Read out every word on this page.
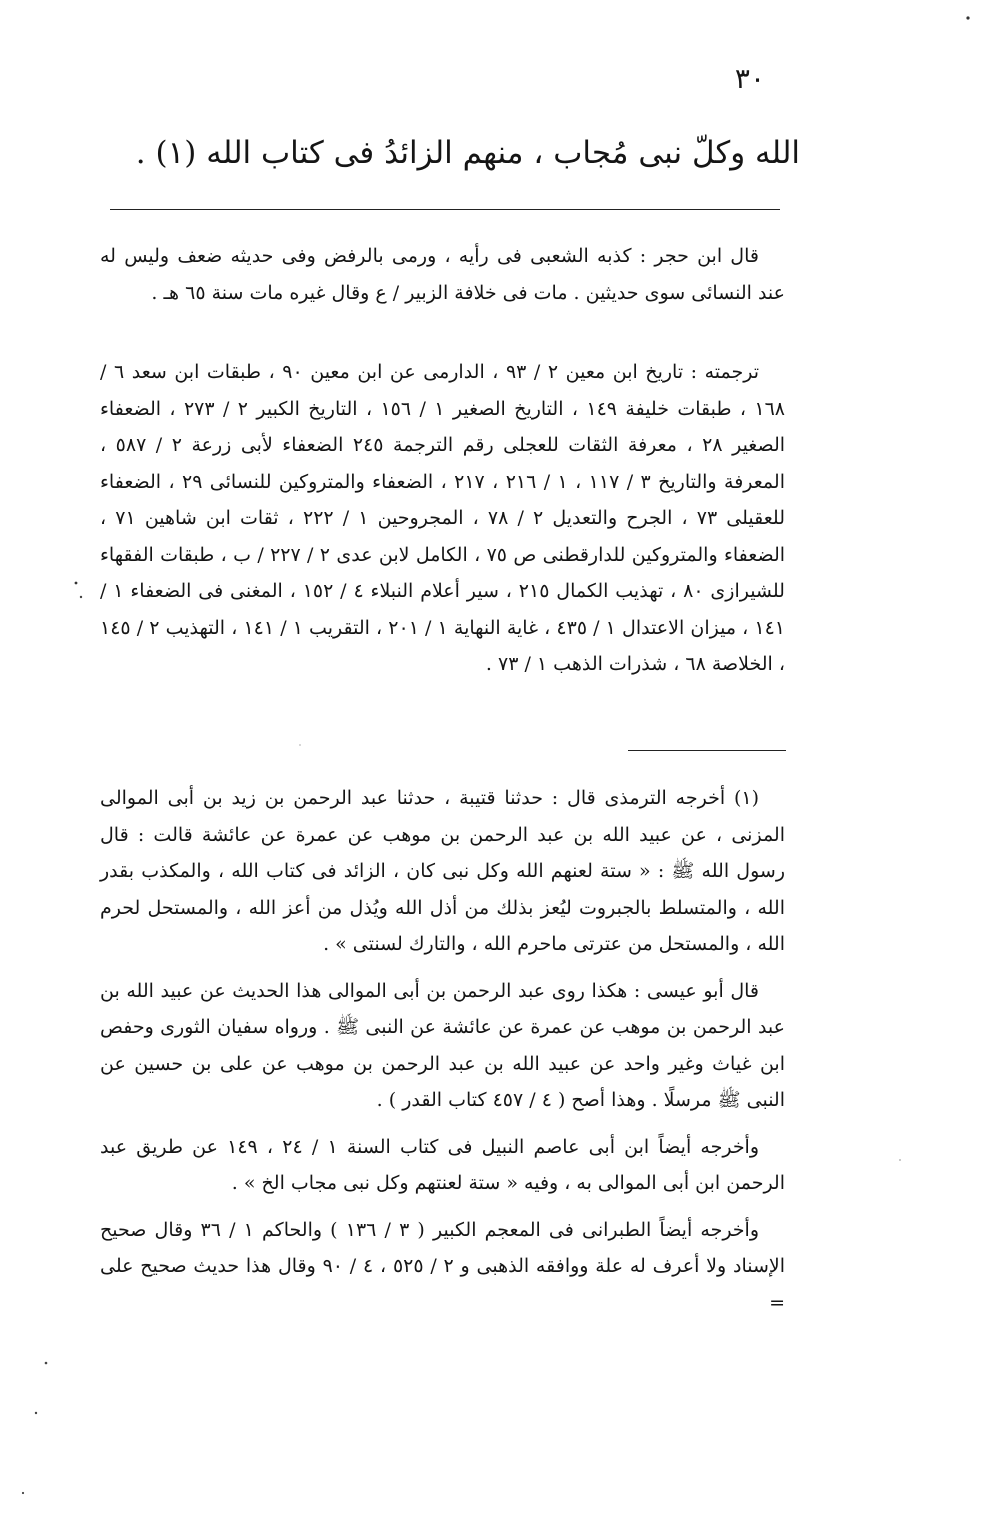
٣٠
الله وكلّ نبى مُجاب ، منهم الزائدُ فى كتاب الله (١) .

قال ابن حجر : كذبه الشعبى فى رأيه ، ورمى بالرفض وفى حديثه ضعف وليس له عند النسائى سوى حديثين . مات فى خلافة الزبير / ع وقال غيره مات سنة ٦٥ هـ .

ترجمته : تاريخ ابن معين ٢ / ٩٣ ، الدارمى عن ابن معين ٩٠ ، طبقات ابن سعد ٦ / ١٦٨ ، طبقات خليفة ١٤٩ ، التاريخ الصغير ١ / ١٥٦ ، التاريخ الكبير ٢ / ٢٧٣ ، الضعفاء الصغير ٢٨ ، معرفة الثقات للعجلى رقم الترجمة ٢٤٥ الضعفاء لأبى زرعة ٢ / ٥٨٧ ، المعرفة والتاريخ ٣ / ١١٧ ، ١ / ٢١٦ ، ٢١٧ ، الضعفاء والمتروكين للنسائى ٢٩ ، الضعفاء للعقيلى ٧٣ ، الجرح والتعديل ٢ / ٧٨ ، المجروحين ١ / ٢٢٢ ، ثقات ابن شاهين ٧١ ، الضعفاء والمتروكين للدارقطنى ص ٧٥ ، الكامل لابن عدى ٢ / ٢٢٧ / ب ، طبقات الفقهاء للشيرازى ٨٠ ، تهذيب الكمال ٢١٥ ، سير أعلام النبلاء ٤ / ١٥٢ ، المغنى فى الضعفاء ١ / ١٤١ ، ميزان الاعتدال ١ / ٤٣٥ ، غاية النهاية ١ / ٢٠١ ، التقريب ١ / ١٤١ ، التهذيب ٢ / ١٤٥ ، الخلاصة ٦٨ ، شذرات الذهب ١ / ٧٣ .

(١) أخرجه الترمذى قال : حدثنا قتيبة ، حدثنا عبد الرحمن بن زيد بن أبى الموالى المزنى ، عن عبيد الله بن عبد الرحمن بن موهب عن عمرة عن عائشة قالت : قال رسول الله ﷺ : « ستة لعنهم الله وكل نبى كان ، الزائد فى كتاب الله ، والمكذب بقدر الله ، والمتسلط بالجبروت ليُعز بذلك من أذل الله ويُذل من أعز الله ، والمستحل لحرم الله ، والمستحل من عترتى ماحرم الله ، والتارك لسنتى » .

قال أبو عيسى : هكذا روى عبد الرحمن بن أبى الموالى هذا الحديث عن عبيد الله بن عبد الرحمن بن موهب عن عمرة عن عائشة عن النبى ﷺ . ورواه سفيان الثورى وحفص ابن غياث وغير واحد عن عبيد الله بن عبد الرحمن بن موهب عن على بن حسين عن النبى ﷺ مرسلًا . وهذا أصح ( ٤ / ٤٥٧ كتاب القدر ) .

وأخرجه أيضاً ابن أبى عاصم النبيل فى كتاب السنة ١ / ٢٤ ، ١٤٩ عن طريق عبد الرحمن ابن أبى الموالى به ، وفيه « ستة لعنتهم وكل نبى مجاب الخ » .

وأخرجه أيضاً الطبرانى فى المعجم الكبير ( ٣ / ١٣٦ ) والحاكم ١ / ٣٦ وقال صحيح الإسناد ولا أعرف له علة ووافقه الذهبى و ٢ / ٥٢٥ ، ٤ / ٩٠ وقال هذا حديث صحيح على =
